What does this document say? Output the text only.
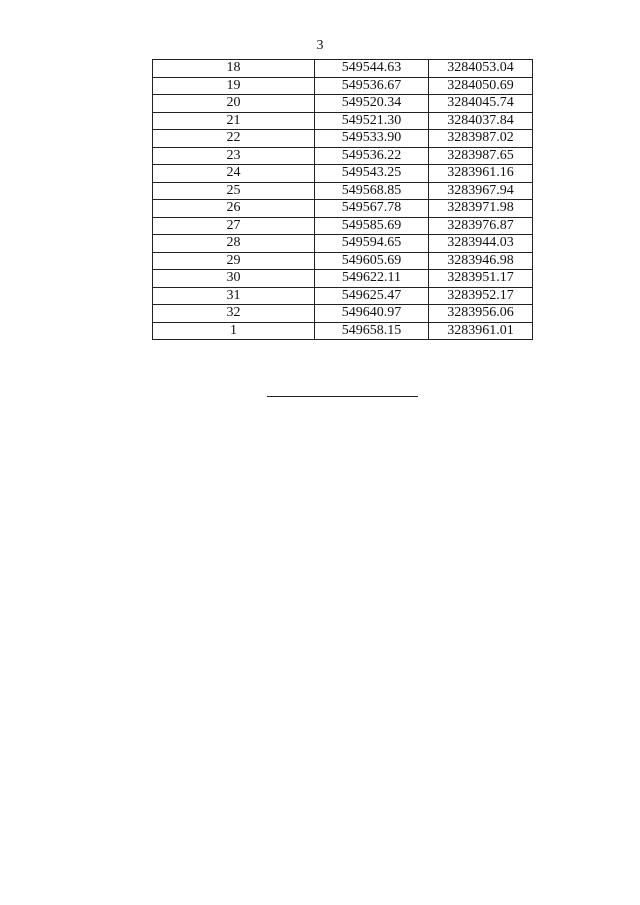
3
18	549544.63	3284053.04
19	549536.67	3284050.69
20	549520.34	3284045.74
21	549521.30	3284037.84
22	549533.90	3283987.02
23	549536.22	3283987.65
24	549543.25	3283961.16
25	549568.85	3283967.94
26	549567.78	3283971.98
27	549585.69	3283976.87
28	549594.65	3283944.03
29	549605.69	3283946.98
30	549622.11	3283951.17
31	549625.47	3283952.17
32	549640.97	3283956.06
1	549658.15	3283961.01
